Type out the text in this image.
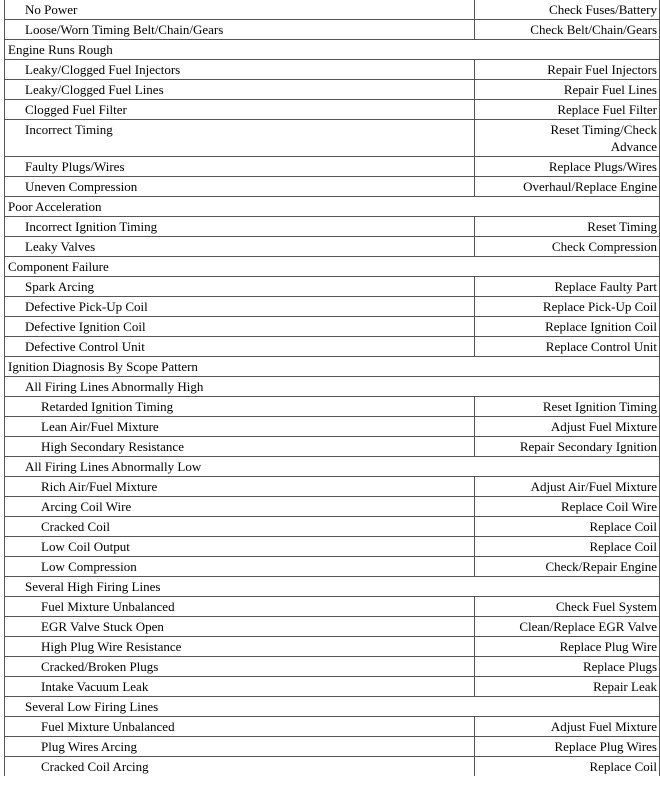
No Power	Check Fuses/Battery
Loose/Worn Timing Belt/Chain/Gears	Check Belt/Chain/Gears
Engine Runs Rough	
Leaky/Clogged Fuel Injectors	Repair Fuel Injectors
Leaky/Clogged Fuel Lines	Repair Fuel Lines
Clogged Fuel Filter	Replace Fuel Filter
Incorrect Timing	Reset Timing/Check Advance
Faulty Plugs/Wires	Replace Plugs/Wires
Uneven Compression	Overhaul/Replace Engine
Poor Acceleration	
Incorrect Ignition Timing	Reset Timing
Leaky Valves	Check Compression
Component Failure	
Spark Arcing	Replace Faulty Part
Defective Pick-Up Coil	Replace Pick-Up Coil
Defective Ignition Coil	Replace Ignition Coil
Defective Control Unit	Replace Control Unit
Ignition Diagnosis By Scope Pattern	
All Firing Lines Abnormally High	
Retarded Ignition Timing	Reset Ignition Timing
Lean Air/Fuel Mixture	Adjust Fuel Mixture
High Secondary Resistance	Repair Secondary Ignition
All Firing Lines Abnormally Low	
Rich Air/Fuel Mixture	Adjust Air/Fuel Mixture
Arcing Coil Wire	Replace Coil Wire
Cracked Coil	Replace Coil
Low Coil Output	Replace Coil
Low Compression	Check/Repair Engine
Several High Firing Lines	
Fuel Mixture Unbalanced	Check Fuel System
EGR Valve Stuck Open	Clean/Replace EGR Valve
High Plug Wire Resistance	Replace Plug Wire
Cracked/Broken Plugs	Replace Plugs
Intake Vacuum Leak	Repair Leak
Several Low Firing Lines	
Fuel Mixture Unbalanced	Adjust Fuel Mixture
Plug Wires Arcing	Replace Plug Wires
Cracked Coil Arcing	Replace Coil
